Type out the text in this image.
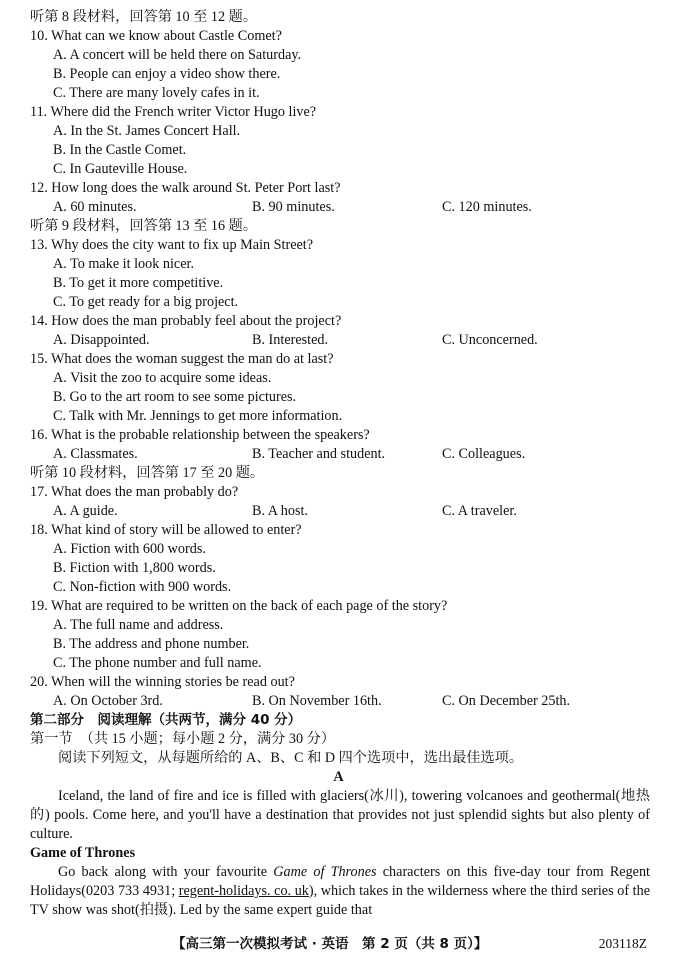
听第 8 段材料，回答第 10 至 12 题。
10. What can we know about Castle Comet?
A. A concert will be held there on Saturday.
B. People can enjoy a video show there.
C. There are many lovely cafes in it.
11. Where did the French writer Victor Hugo live?
A. In the St. James Concert Hall.
B. In the Castle Comet.
C. In Gauteville House.
12. How long does the walk around St. Peter Port last?
A. 60 minutes.	B. 90 minutes.	C. 120 minutes.
听第 9 段材料，回答第 13 至 16 题。
13. Why does the city want to fix up Main Street?
A. To make it look nicer.
B. To get it more competitive.
C. To get ready for a big project.
14. How does the man probably feel about the project?
A. Disappointed.	B. Interested.	C. Unconcerned.
15. What does the woman suggest the man do at last?
A. Visit the zoo to acquire some ideas.
B. Go to the art room to see some pictures.
C. Talk with Mr. Jennings to get more information.
16. What is the probable relationship between the speakers?
A. Classmates.	B. Teacher and student.	C. Colleagues.
听第 10 段材料，回答第 17 至 20 题。
17. What does the man probably do?
A. A guide.	B. A host.	C. A traveler.
18. What kind of story will be allowed to enter?
A. Fiction with 600 words.
B. Fiction with 1,800 words.
C. Non-fiction with 900 words.
19. What are required to be written on the back of each page of the story?
A. The full name and address.
B. The address and phone number.
C. The phone number and full name.
20. When will the winning stories be read out?
A. On October 3rd.	B. On November 16th.	C. On December 25th.
第二部分　阅读理解（共两节，满分 40 分）
第一节　（共 15 小题；每小题 2 分，满分 30 分）
阅读下列短文，从每题所给的 A、B、C 和 D 四个选项中，选出最佳选项。
A

Iceland, the land of fire and ice is filled with glaciers(冰川), towering volcanoes and geothermal(地热的) pools. Come here, and you'll have a destination that provides not just splendid sights but also plenty of culture.

Game of Thrones

Go back along with your favourite Game of Thrones characters on this five-day tour from Regent Holidays(0203 733 4931; regent-holidays. co. uk), which takes in the wilderness where the third series of the TV show was shot(拍摄). Led by the same expert guide that

【高三第一次模拟考试 · 英语　第 2 页（共 8 页）】	203118Z
